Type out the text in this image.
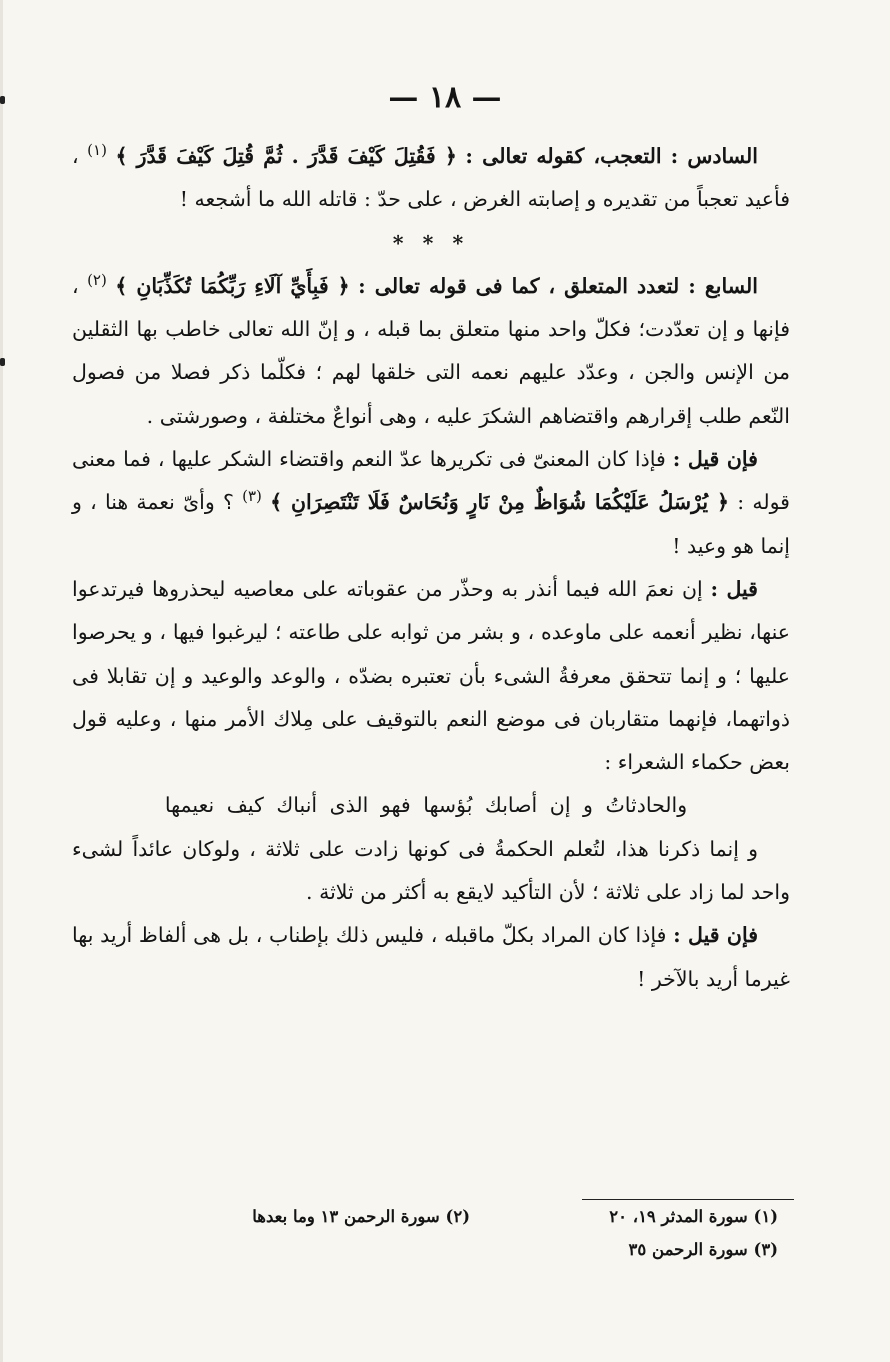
— ١٨ —

السادس : التعجب، كقوله تعالى : ﴿ فَقُتِلَ كَيْفَ قَدَّرَ . ثُمَّ قُتِلَ كَيْفَ قَدَّرَ ﴾ $^{(١)}$ ، فأعيد تعجباً من تقديره و إصابته الغرض ، على حدّ : قاتله الله ما أشجعه !

* * *

السابع : لتعدد المتعلق ، كما فى قوله تعالى : ﴿ فَبِأَيِّ آلَاءِ رَبِّكُمَا تُكَذِّبَانِ ﴾ $^{(٢)}$ ، فإنها و إن تعدّدت؛ فكلّ واحد منها متعلق بما قبله ، و إنّ الله تعالى خاطب بها الثقلين من الإنس والجن ، وعدّد عليهم نعمه التى خلقها لهم ؛ فكلّما ذكر فصلا من فصول النّعم طلب إقرارهم واقتضاهم الشكرَ عليه ، وهى أنواعٌ مختلفة ، وصورشتى .

فإن قيل : فإذا كان المعنىّ فى تكريرها عدّ النعم واقتضاء الشكر عليها ، فما معنى قوله : ﴿ يُرْسَلُ عَلَيْكُمَا شُوَاظٌ مِنْ نَارٍ وَنُحَاسٌ فَلَا تَنْتَصِرَانِ ﴾ $^{(٣)}$ ؟ وأىّ نعمة هنا ، و إنما هو وعيد !

قيل : إن نعمَ الله فيما أنذر به وحذّر من عقوباته على معاصيه ليحذروها فيرتدعوا عنها، نظير أنعمه على ماوعده ، و بشر من ثوابه على طاعته ؛ ليرغبوا فيها ، و يحرصوا عليها ؛ و إنما تتحقق معرفةُ الشىء بأن تعتبره بضدّه ، والوعد والوعيد و إن تقابلا فى ذواتهما، فإنهما متقاربان فى موضع النعم بالتوقيف على مِلاك الأمر منها ، وعليه قول بعض حكماء الشعراء :

والحادثاتُ و إن أصابك بُؤسها فهو الذى أنباك كيف نعيمها

و إنما ذكرنا هذا، لتُعلم الحكمةُ فى كونها زادت على ثلاثة ، ولوكان عائداً لشىء واحد لما زاد على ثلاثة ؛ لأن التأكيد لايقع به أكثر من ثلاثة .

فإن قيل : فإذا كان المراد بكلّ ماقبله ، فليس ذلك بإطناب ، بل هى ألفاظ أريد بها غيرما أريد بالآخر !

(١) سورة المدثر ١٩، ٢٠
(٢) سورة الرحمن ١٣ وما بعدها
(٣) سورة الرحمن ٣٥
